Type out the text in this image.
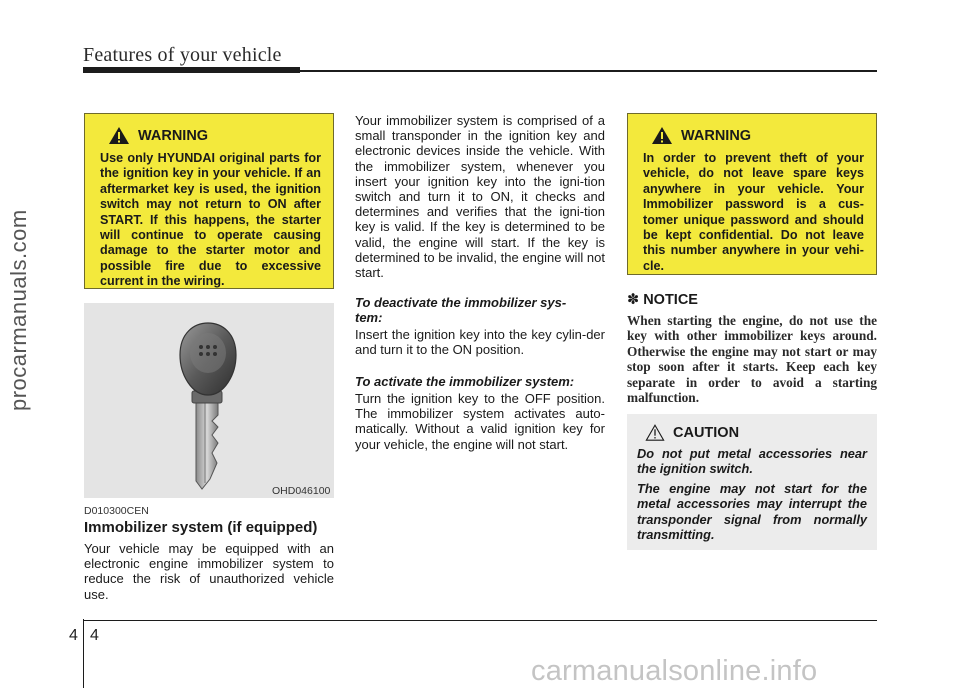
Features of your vehicle
procarmanuals.com
WARNING

Use only HYUNDAI original parts for the ignition key in your vehicle. If an aftermarket key is used, the ignition switch may not return to ON after START. If this happens, the starter will continue to operate causing damage to the starter motor and possible fire due to excessive current in the wiring.

OHD046100
D010300CEN
Immobilizer system (if equipped)

Your vehicle may be equipped with an electronic engine immobilizer system to reduce the risk of unauthorized vehicle use.

Your immobilizer system is comprised of a small transponder in the ignition key and electronic devices inside the vehicle. With the immobilizer system, whenever you insert your ignition key into the igni-tion switch and turn it to ON, it checks and determines and verifies that the igni-tion key is valid. If the key is determined to be valid, the engine will start. If the key is determined to be invalid, the engine will not start.

To deactivate the immobilizer sys-tem:

Insert the ignition key into the key cylin-der and turn it to the ON position.

To activate the immobilizer system:

Turn the ignition key to the OFF position. The immobilizer system activates auto-matically. Without a valid ignition key for your vehicle, the engine will not start.

WARNING

In order to prevent theft of your vehicle, do not leave spare keys anywhere in your vehicle. Your Immobilizer password is a cus-tomer unique password and should be kept confidential. Do not leave this number anywhere in your vehi-cle.

✽ NOTICE

When starting the engine, do not use the key with other immobilizer keys around. Otherwise the engine may not start or may stop soon after it starts. Keep each key separate in order to avoid a starting malfunction.

CAUTION

Do not put metal accessories near the ignition switch.

The engine may not start for the metal accessories may interrupt the transponder signal from normally transmitting.

4 4
carmanualsonline.info
